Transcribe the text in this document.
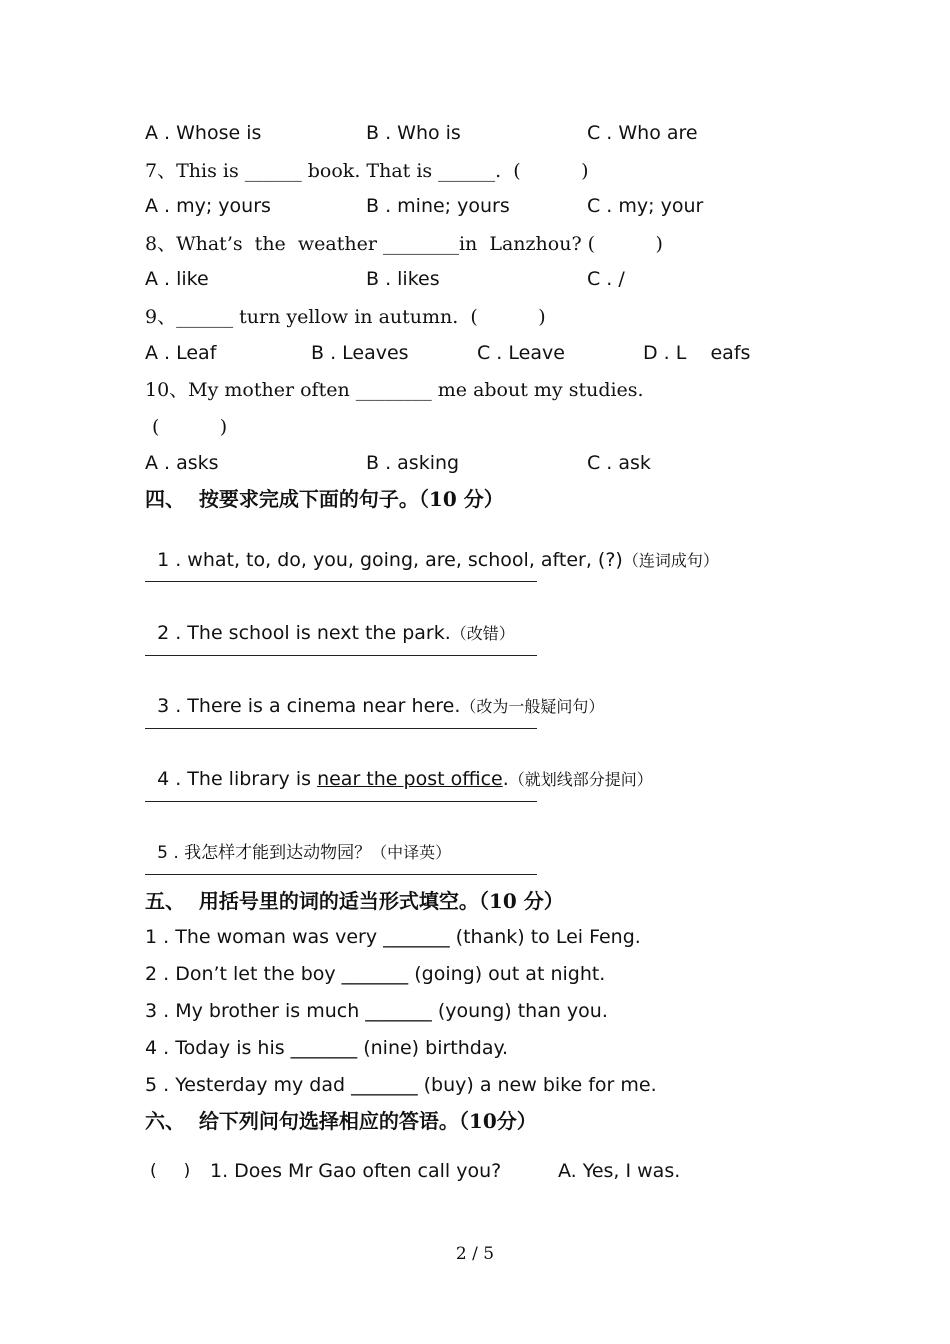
A . Whose is	B . Who is	C . Who are
7、This is ______ book. That is ______.  (          )
A . my; yours	B . mine; yours	C . my; your
8、What’s  the  weather ________in  Lanzhou? (          )
A . like	B . likes	C . /
9、______ turn yellow in autumn.  (          )
A . Leaf	B . Leaves	C . Leave	D . L    eafs
10、My mother often ________ me about my studies.
(          )
A . asks	B . asking	C . ask
四、  按要求完成下面的句子。（10 分）

1 . what, to, do, you, going, are, school, after, (?)（连词成句）

2 . The school is next the park.（改错）

3 . There is a cinema near here.（改为一般疑问句）

4 . The library is near the post office.（就划线部分提问）

5 . 我怎样才能到达动物园？（中译英）

五、  用括号里的词的适当形式填空。（10 分）
1 . The woman was very _______ (thank) to Lei Feng.
2 . Don’t let the boy _______ (going) out at night.
3 . My brother is much _______ (young) than you.
4 . Today is his _______ (nine) birthday.
5 . Yesterday my dad _______ (buy) a new bike for me.
六、  给下列问句选择相应的答语。（10分）
(     ) 1. Does Mr Gao often call you?	A. Yes, I was.
2 / 5
